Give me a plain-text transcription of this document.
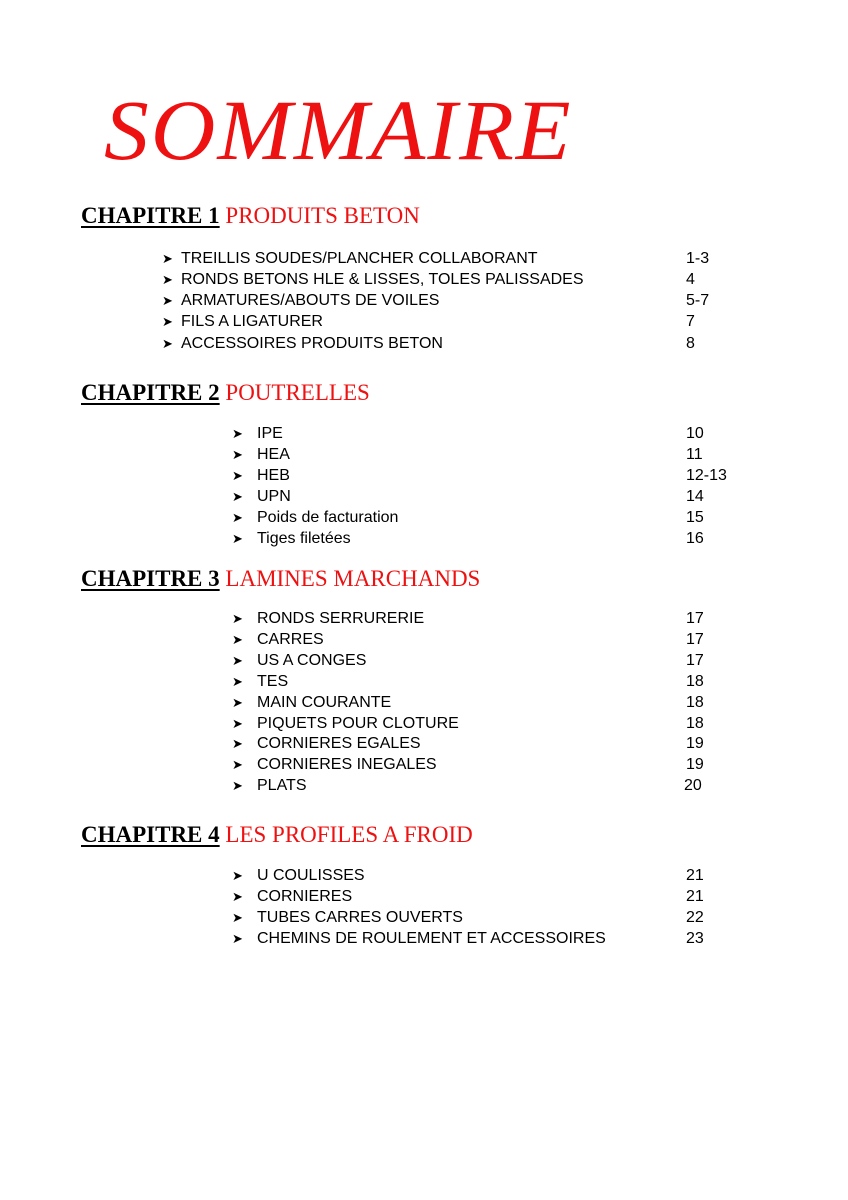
SOMMAIRE
CHAPITRE 1 PRODUITS BETON
➤ TREILLIS SOUDES/PLANCHER COLLABORANT	1-3
➤ RONDS BETONS HLE & LISSES, TOLES PALISSADES	4
➤ ARMATURES/ABOUTS DE VOILES	5-7
➤ FILS A LIGATURER	7
➤ ACCESSOIRES PRODUITS BETON	8
CHAPITRE 2 POUTRELLES
➤ IPE	10
➤ HEA	11
➤ HEB	12-13
➤ UPN	14
➤ Poids de facturation	15
➤ Tiges filetées	16
CHAPITRE 3 LAMINES MARCHANDS
➤ RONDS SERRURERIE	17
➤ CARRES	17
➤ US A CONGES	17
➤ TES	18
➤ MAIN COURANTE	18
➤ PIQUETS POUR CLOTURE	18
➤ CORNIERES EGALES	19
➤ CORNIERES INEGALES	19
➤ PLATS	20
CHAPITRE 4 LES PROFILES A FROID
➤ U COULISSES	21
➤ CORNIERES	21
➤ TUBES CARRES OUVERTS	22
➤ CHEMINS DE ROULEMENT ET ACCESSOIRES	23
